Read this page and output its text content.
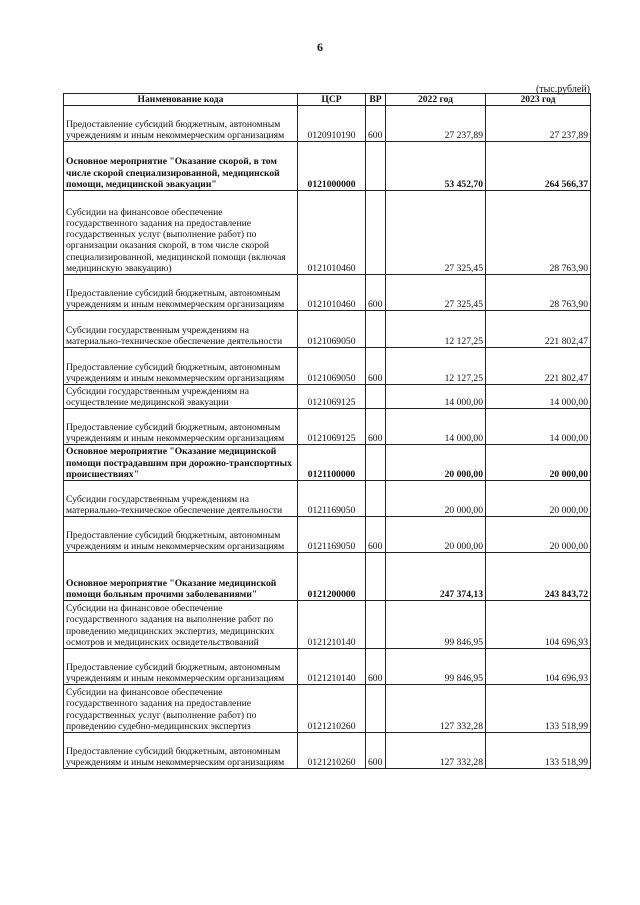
6
(тыс.рублей)
Наименование кода	ЦСР	ВР	2022 год	2023 год
Предоставление субсидий бюджетным, автономным учреждениям и иным некоммерческим организациям	0120910190	600	27 237,89	27 237,89
Основное мероприятие "Оказание скорой, в том числе скорой специализированной, медицинской помощи, медицинской эвакуации"	0121000000		53 452,70	264 566,37
Субсидии на финансовое обеспечение государственного задания на предоставление государственных услуг (выполнение работ) по организации оказания скорой, в том числе скорой специализированной, медицинской помощи (включая медицинскую эвакуацию)	0121010460		27 325,45	28 763,90
Предоставление субсидий бюджетным, автономным учреждениям и иным некоммерческим организациям	0121010460	600	27 325,45	28 763,90
Субсидии государственным учреждениям на материально-техническое обеспечение деятельности	0121069050		12 127,25	221 802,47
Предоставление субсидий бюджетным, автономным учреждениям и иным некоммерческим организациям	0121069050	600	12 127,25	221 802,47
Субсидии государственным учреждениям на осуществление медицинской эвакуации	0121069125		14 000,00	14 000,00
Предоставление субсидий бюджетным, автономным учреждениям и иным некоммерческим организациям	0121069125	600	14 000,00	14 000,00
Основное мероприятие "Оказание медицинской помощи пострадавшим при дорожно-транспортных происшествиях"	0121100000		20 000,00	20 000,00
Субсидии государственным учреждениям на материально-техническое обеспечение деятельности	0121169050		20 000,00	20 000,00
Предоставление субсидий бюджетным, автономным учреждениям и иным некоммерческим организациям	0121169050	600	20 000,00	20 000,00
Основное мероприятие "Оказание медицинской помощи больным прочими заболеваниями"	0121200000		247 374,13	243 843,72
Субсидии на финансовое обеспечение государственного задания на выполнение работ по проведению медицинских экспертиз, медицинских осмотров и медицинских освидетельствований	0121210140		99 846,95	104 696,93
Предоставление субсидий бюджетным, автономным учреждениям и иным некоммерческим организациям	0121210140	600	99 846,95	104 696,93
Субсидии на финансовое обеспечение государственного задания на предоставление государственных услуг (выполнение работ) по проведению судебно-медицинских экспертиз	0121210260		127 332,28	133 518,99
Предоставление субсидий бюджетным, автономным учреждениям и иным некоммерческим организациям	0121210260	600	127 332,28	133 518,99
